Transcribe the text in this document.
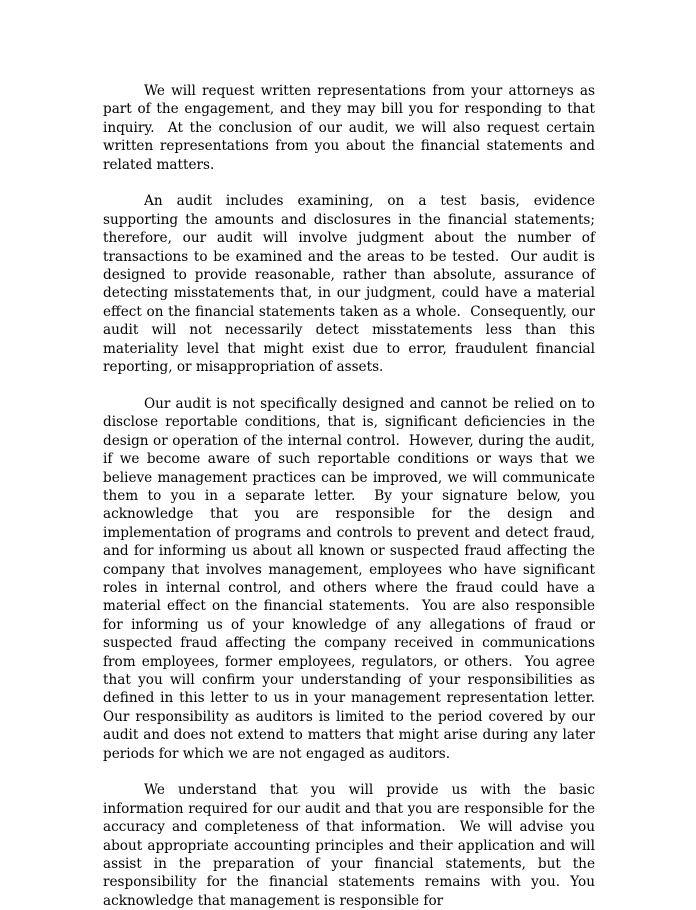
We will request written representations from your attorneys as part of the engagement, and they may bill you for responding to that inquiry.  At the conclusion of our audit, we will also request certain written representations from you about the financial statements and related matters.

An audit includes examining, on a test basis, evidence supporting the amounts and disclosures in the financial statements; therefore, our audit will involve judgment about the number of transactions to be examined and the areas to be tested.  Our audit is designed to provide reasonable, rather than absolute, assurance of detecting misstatements that, in our judgment, could have a material effect on the financial statements taken as a whole.  Consequently, our audit will not necessarily detect misstatements less than this materiality level that might exist due to error, fraudulent financial reporting, or misappropriation of assets.

Our audit is not specifically designed and cannot be relied on to disclose reportable conditions, that is, significant deficiencies in the design or operation of the internal control.  However, during the audit, if we become aware of such reportable conditions or ways that we believe management practices can be improved, we will communicate them to you in a separate letter.  By your signature below, you acknowledge that you are responsible for the design and implementation of programs and controls to prevent and detect fraud, and for informing us about all known or suspected fraud affecting the company that involves management, employees who have significant roles in internal control, and others where the fraud could have a material effect on the financial statements.  You are also responsible for informing us of your knowledge of any allegations of fraud or suspected fraud affecting the company received in communications from employees, former employees, regulators, or others.  You agree that you will confirm your understanding of your responsibilities as defined in this letter to us in your management representation letter.  Our responsibility as auditors is limited to the period covered by our audit and does not extend to matters that might arise during any later periods for which we are not engaged as auditors.

We understand that you will provide us with the basic information required for our audit and that you are responsible for the accuracy and completeness of that information.  We will advise you about appropriate accounting principles and their application and will assist in the preparation of your financial statements, but the responsibility for the financial statements remains with you. You acknowledge that management is responsible for
